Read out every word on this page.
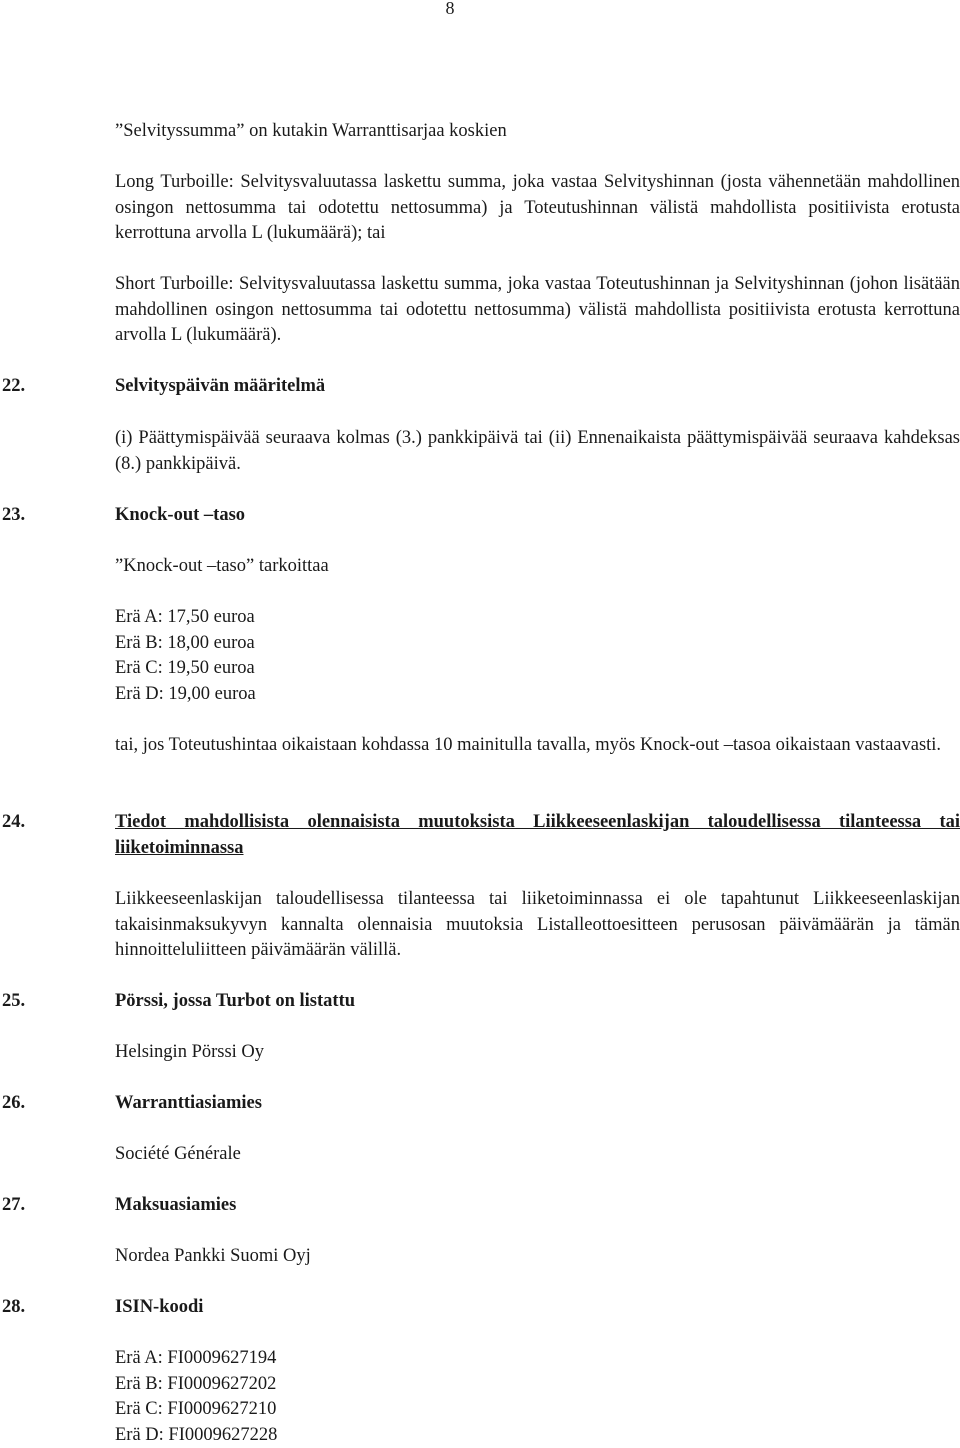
8
”Selvityssumma” on kutakin Warranttisarjaa koskien
Long Turboille: Selvitysvaluutassa laskettu summa, joka vastaa Selvityshinnan (josta vähennetään mahdollinen osingon nettosumma tai odotettu nettosumma) ja Toteutushinnan välistä mahdollista positiivista erotusta kerrottuna arvolla L (lukumäärä); tai
Short Turboille: Selvitysvaluutassa laskettu summa, joka vastaa Toteutushinnan ja Selvityshinnan (johon lisätään mahdollinen osingon nettosumma tai odotettu nettosumma) välistä mahdollista positiivista erotusta kerrottuna arvolla L (lukumäärä).
22.	Selvityspäivän määritelmä
(i) Päättymispäivää seuraava kolmas (3.) pankkipäivä tai (ii) Ennenaikaista päättymispäivää seuraava kahdeksas (8.) pankkipäivä.
23.	Knock-out –taso
”Knock-out –taso” tarkoittaa
Erä A: 17,50 euroa
Erä B: 18,00 euroa
Erä C: 19,50 euroa
Erä D: 19,00 euroa
tai, jos Toteutushintaa oikaistaan kohdassa 10 mainitulla tavalla, myös Knock-out –tasoa oikaistaan vastaavasti.
24.	Tiedot mahdollisista olennaisista muutoksista Liikkeeseenlaskijan taloudellisessa tilanteessa tai liiketoiminnassa
Liikkeeseenlaskijan taloudellisessa tilanteessa tai liiketoiminnassa ei ole tapahtunut Liikkeeseenlaskijan takaisinmaksukyvyn kannalta olennaisia muutoksia Listalleottoesitteen perusosan päivämäärän ja tämän hinnoitteluliitteen päivämäärän välillä.
25.	Pörssi, jossa Turbot on listattu
Helsingin Pörssi Oy
26.	Warranttiasiamies
Société Générale
27.	Maksuasiamies
Nordea Pankki Suomi Oyj
28.	ISIN-koodi
Erä A: FI0009627194
Erä B: FI0009627202
Erä C: FI0009627210
Erä D: FI0009627228
